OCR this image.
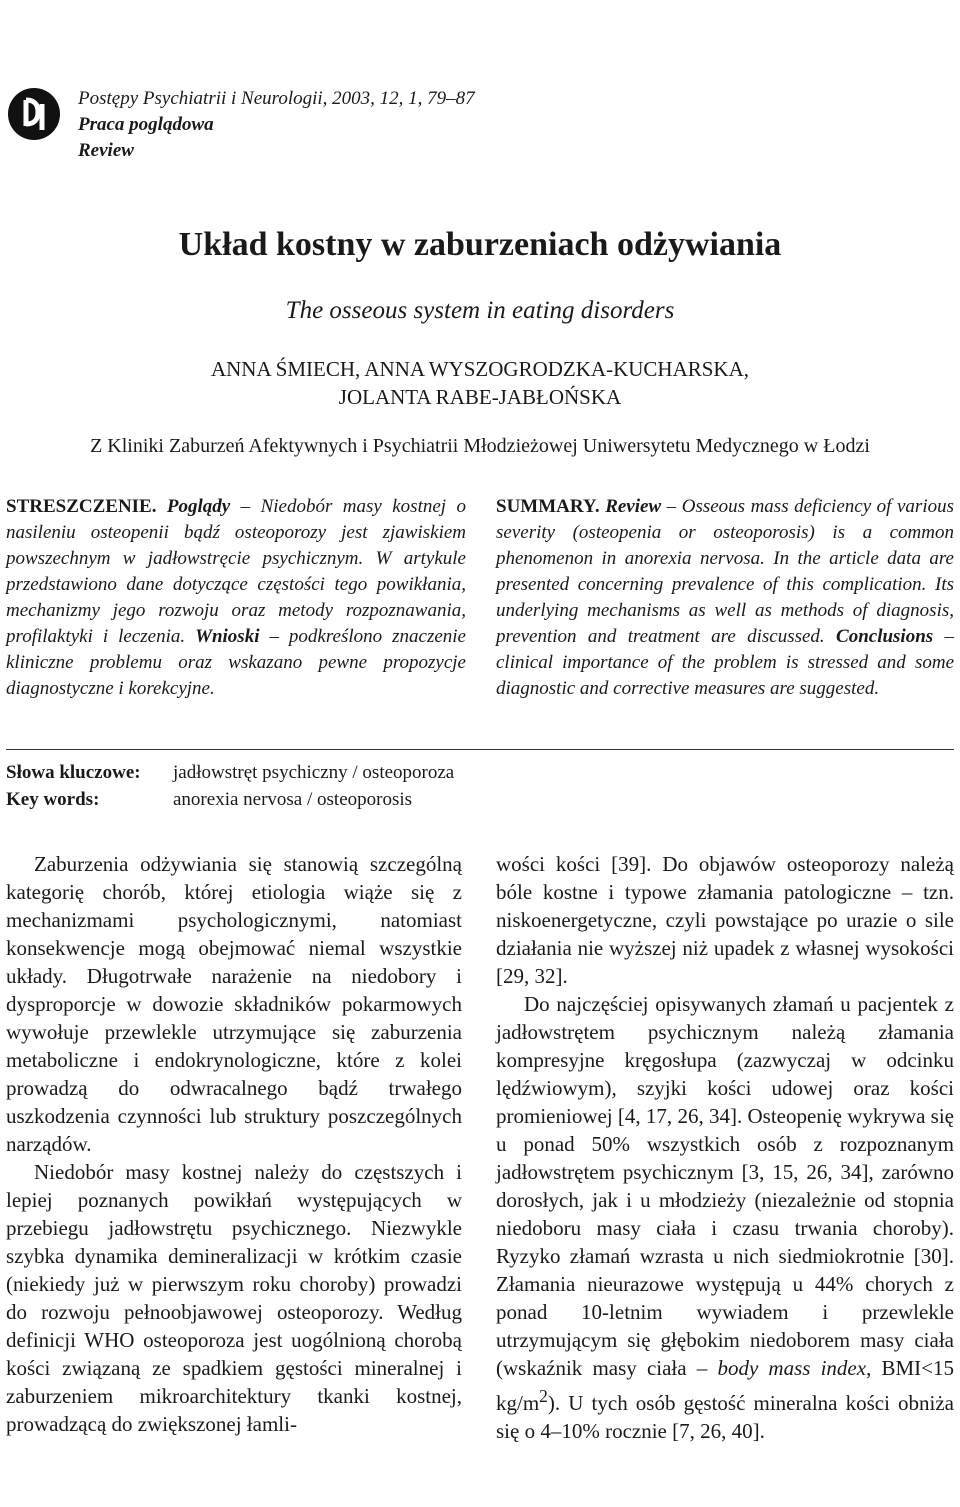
Postępy Psychiatrii i Neurologii, 2003, 12, 1, 79–87
Praca poglądowa
Review
Układ kostny w zaburzeniach odżywiania
The osseous system in eating disorders
ANNA ŚMIECH, ANNA WYSZOGRODZKA-KUCHARSKA,
JOLANTA RABE-JABŁOŃSKA
Z Kliniki Zaburzeń Afektywnych i Psychiatrii Młodzieżowej Uniwersytetu Medycznego w Łodzi
STRESZCZENIE. Poglądy – Niedobór masy kostnej o nasileniu osteopenii bądź osteoporozy jest zjawiskiem powszechnym w jadłowstręcie psychicznym. W artykule przedstawiono dane dotyczące częstości tego powikłania, mechanizmy jego rozwoju oraz metody rozpoznawania, profilaktyki i leczenia. Wnioski – podkreślono znaczenie kliniczne problemu oraz wskazano pewne propozycje diagnostyczne i korekcyjne.
SUMMARY. Review – Osseous mass deficiency of various severity (osteopenia or osteoporosis) is a common phenomenon in anorexia nervosa. In the article data are presented concerning prevalence of this complication. Its underlying mechanisms as well as methods of diagnosis, prevention and treatment are discussed. Conclusions – clinical importance of the problem is stressed and some diagnostic and corrective measures are suggested.
Słowa kluczowe: jadłowstręt psychiczny / osteoporoza
Key words:	anorexia nervosa / osteoporosis

Zaburzenia odżywiania się stanowią szczególną kategorię chorób, której etiologia wiąże się z mechanizmami psychologicznymi, natomiast konsekwencje mogą obejmować niemal wszystkie układy. Długotrwałe narażenie na niedobory i dysproporcje w dowozie składników pokarmowych wywołuje przewlekle utrzymujące się zaburzenia metaboliczne i endokrynologiczne, które z kolei prowadzą do odwracalnego bądź trwałego uszkodzenia czynności lub struktury poszczególnych narządów.

Niedobór masy kostnej należy do częstszych i lepiej poznanych powikłań występujących w przebiegu jadłowstrętu psychicznego. Niezwykle szybka dynamika demineralizacji w krótkim czasie (niekiedy już w pierwszym roku choroby) prowadzi do rozwoju pełnoobjawowej osteoporozy. Według definicji WHO osteoporoza jest uogólnioną chorobą kości związaną ze spadkiem gęstości mineralnej i zaburzeniem mikroarchitektury tkanki kostnej, prowadzącą do zwiększonej łamli-

wości kości [39]. Do objawów osteoporozy należą bóle kostne i typowe złamania patologiczne – tzn. niskoenergetyczne, czyli powstające po urazie o sile działania nie wyższej niż upadek z własnej wysokości [29, 32].

Do najczęściej opisywanych złamań u pacjentek z jadłowstrętem psychicznym należą złamania kompresyjne kręgosłupa (zazwyczaj w odcinku lędźwiowym), szyjki kości udowej oraz kości promieniowej [4, 17, 26, 34]. Osteopenię wykrywa się u ponad 50% wszystkich osób z rozpoznanym jadłowstrętem psychicznym [3, 15, 26, 34], zarówno dorosłych, jak i u młodzieży (niezależnie od stopnia niedoboru masy ciała i czasu trwania choroby). Ryzyko złamań wzrasta u nich siedmiokrotnie [30]. Złamania nieurazowe występują u 44% chorych z ponad 10-letnim wywiadem i przewlekle utrzymującym się głębokim niedoborem masy ciała (wskaźnik masy ciała – body mass index, BMI<15 $kg/m^2$). U tych osób gęstość mineralna kości obniża się o 4–10% rocznie [7, 26, 40].
